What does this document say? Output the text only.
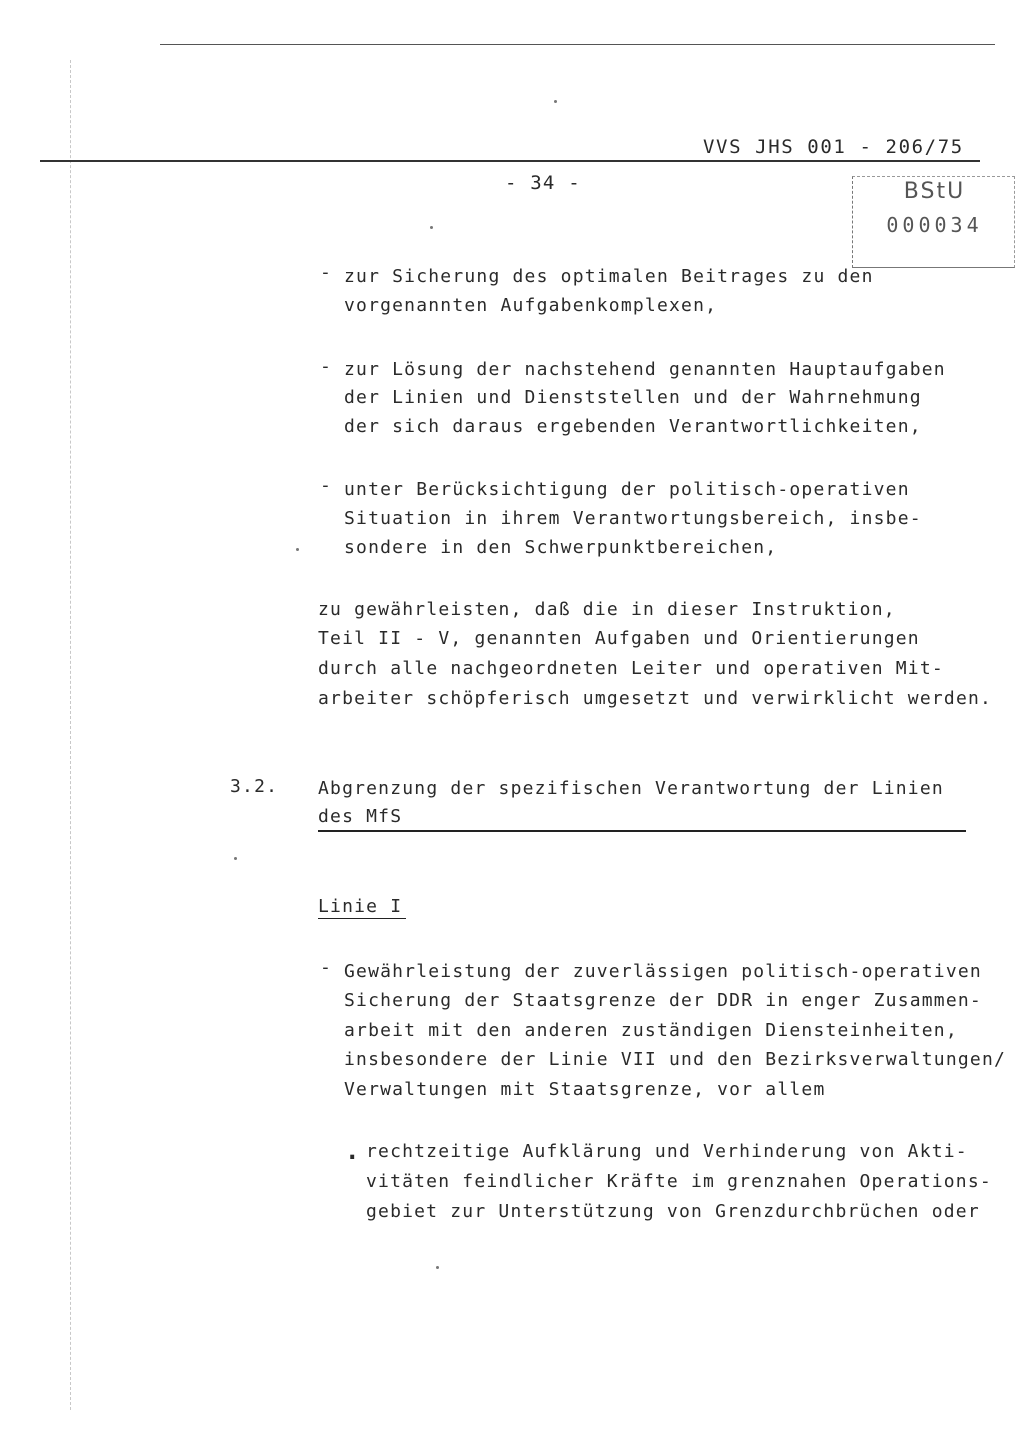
VVS JHS 001 - 206/75
- 34 -	BStU
000034
- zur Sicherung des optimalen Beitrages zu den
vorgenannten Aufgabenkomplexen,
- zur Lösung der nachstehend genannten Hauptaufgaben
der Linien und Dienststellen und der Wahrnehmung
der sich daraus ergebenden Verantwortlichkeiten,
- unter Berücksichtigung der politisch-operativen
Situation in ihrem Verantwortungsbereich, insbe-
sondere in den Schwerpunktbereichen,
zu gewährleisten, daß die in dieser Instruktion,
Teil II - V, genannten Aufgaben und Orientierungen
durch alle nachgeordneten Leiter und operativen Mit-
arbeiter schöpferisch umgesetzt und verwirklicht werden.
3.2. Abgrenzung der spezifischen Verantwortung der Linien
des MfS
Linie I
- Gewährleistung der zuverlässigen politisch-operativen
Sicherung der Staatsgrenze der DDR in enger Zusammen-
arbeit mit den anderen zuständigen Diensteinheiten,
insbesondere der Linie VII und den Bezirksverwaltungen/
Verwaltungen mit Staatsgrenze, vor allem
. rechtzeitige Aufklärung und Verhinderung von Akti-
vitäten feindlicher Kräfte im grenznahen Operations-
gebiet zur Unterstützung von Grenzdurchbrüchen oder
